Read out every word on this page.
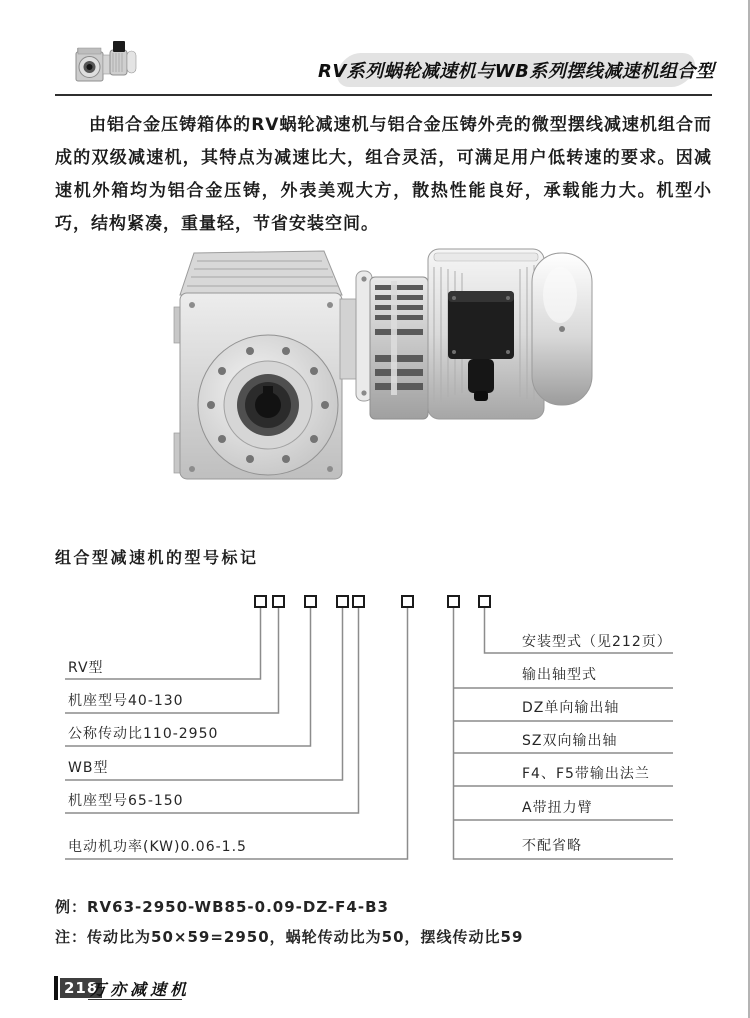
RV系列蜗轮减速机与WB系列摆线减速机组合型

由铝合金压铸箱体的RV蜗轮减速机与铝合金压铸外壳的微型摆线减速机组合而成的双级减速机，其特点为减速比大，组合灵活，可满足用户低转速的要求。因减速机外箱均为铝合金压铸，外表美观大方，散热性能良好，承载能力大。机型小巧，结构紧凑，重量轻，节省安装空间。

组合型减速机的型号标记
RV型
机座型号40-130
公称传动比110-2950
WB型
机座型号65-150
电动机功率(KW)0.06-1.5
安装型式（见212页）
输出轴型式
DZ单向输出轴
SZ双向输出轴
F4、F5带输出法兰
A带扭力臂
不配省略

例：RV63-2950-WB85-0.09-DZ-F4-B3

注：传动比为50×59=2950，蜗轮传动比为50，摆线传动比59

218
万亦减速机
